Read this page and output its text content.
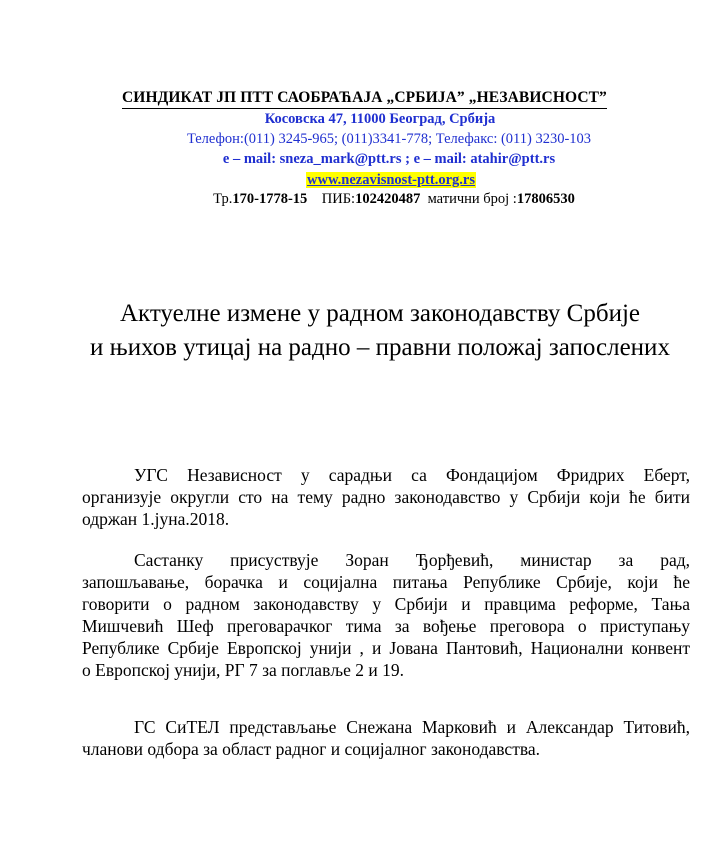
СИНДИКАТ ЈП ПТТ САОБРАЋАЈА „СРБИЈА” „НЕЗАВИСНОСТ”
Косовска 47, 11000 Београд, Србија
Телефон:(011) 3245-965; (011)3341-778; Телефакс: (011) 3230-103
e – mail: sneza_mark@ptt.rs ; e – mail: atahir@ptt.rs
www.nezavisnost-ptt.org.rs
Тр.170-1778-15 ПИБ:102420487 матични број :17806530
Актуелне измене у радном законодавству Србије
и њихов утицај на радно – правни положај запослених
УГС Независност у сарадњи са Фондацијом Фридрих Еберт,
организује округли сто на тему радно законодавство у Србији који ће бити
одржан 1.јуна.2018.
Састанку присуствује Зоран Ђорђевић, министар за рад,
запошљавање, борачка и социјална питања Републике Србије, који ће
говорити о радном законодавству у Србији и правцима реформе, Тања
Мишчевић Шеф преговарачког тима за вођење преговора о приступању
Републике Србије Европској унији , и Јована Пантовић, Национални конвент
о Европској унији, РГ 7 за поглавље 2 и 19.
ГС СиТЕЛ представљање Снежана Марковић и Александар Титовић,
чланови одбора за област радног и социјалног законодавства.
